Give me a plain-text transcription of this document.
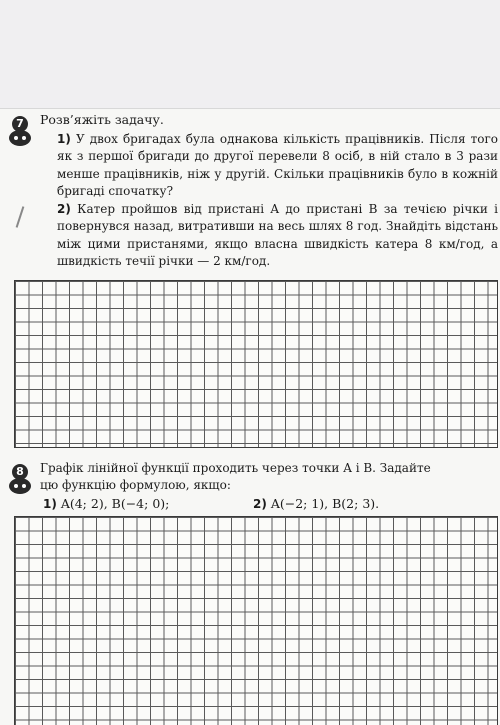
7	Розв’яжіть задачу.

1) У двох бригадах була однакова кількість працівників. Після того як з першої бригади до другої перевели 8 осіб, в ній стало в 3 рази менше працівників, ніж у другій. Скільки працівників було в кожній бригаді спочатку?

2) Катер пройшов від пристані A до пристані B за течією річки і повернувся назад, витративши на весь шлях 8 год. Знайдіть відстань між цими пристанями, якщо власна швидкість катера 8 км/год, а швидкість течії річки — 2 км/год.

8	Графік лінійної функції проходить через точки A і B. Задайте
цю функцію формулою, якщо:
1) A(4; 2), B(−4; 0);	2) A(−2; 1), B(2; 3).
